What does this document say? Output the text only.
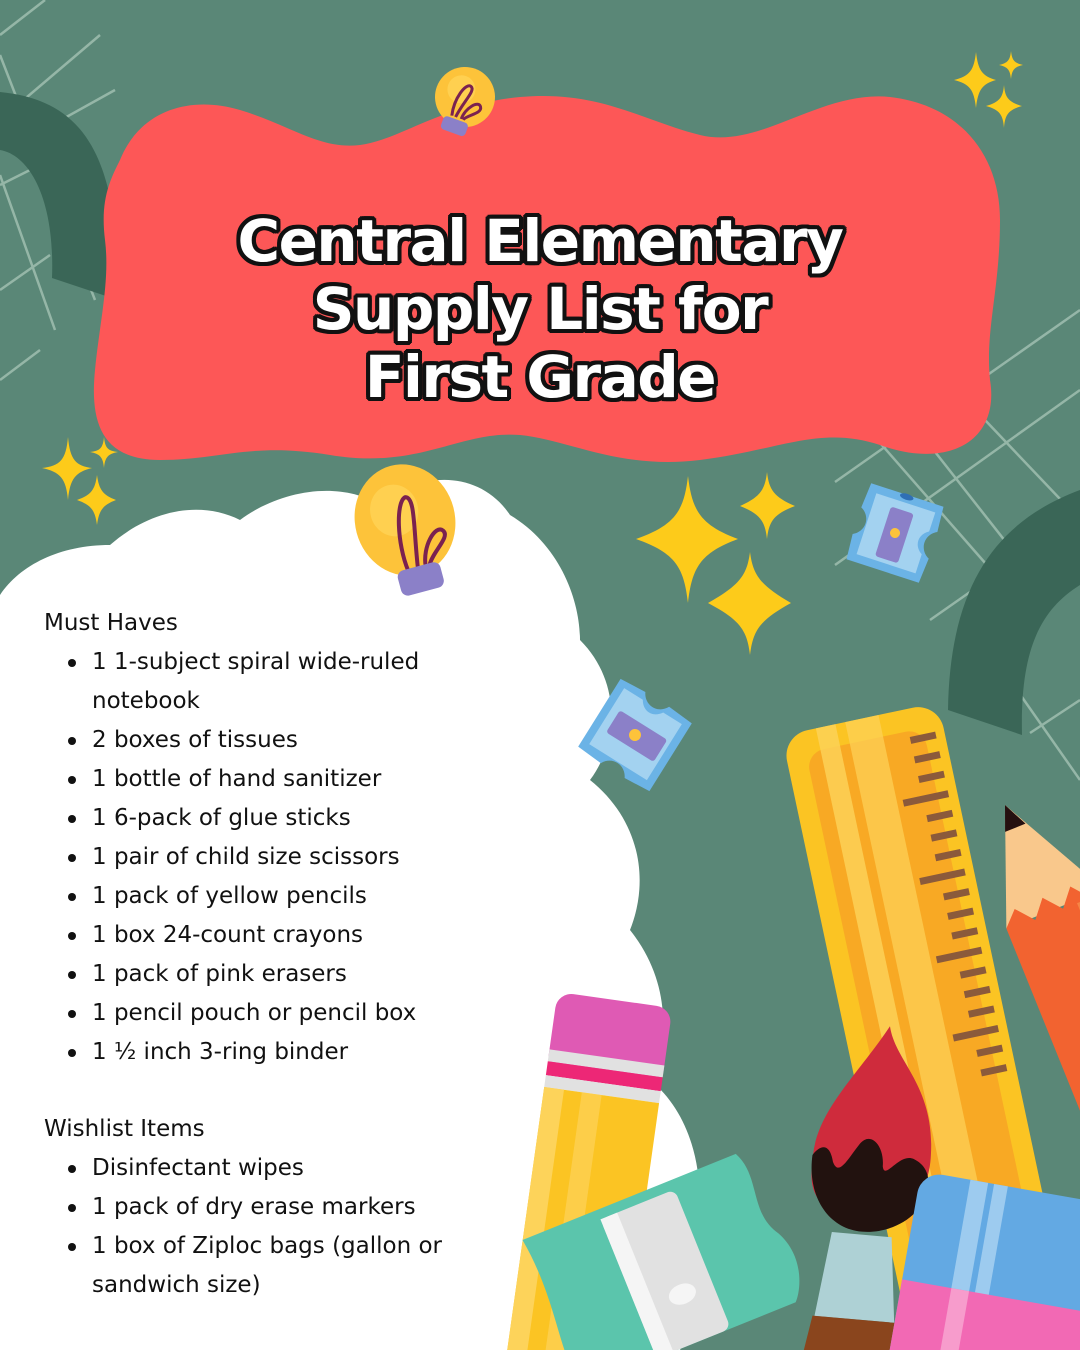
Central Elementary
Supply List for
First Grade
Must Haves
1 1-subject spiral wide-ruled notebook
2 boxes of tissues
1 bottle of hand sanitizer
1 6-pack of glue sticks
1 pair of child size scissors
1 pack of yellow pencils
1 box 24-count crayons
1 pack of pink erasers
1 pencil pouch or pencil box
1 ½ inch 3-ring binder
Wishlist Items
Disinfectant wipes
1 pack of dry erase markers
1 box of Ziploc bags (gallon or sandwich size)
